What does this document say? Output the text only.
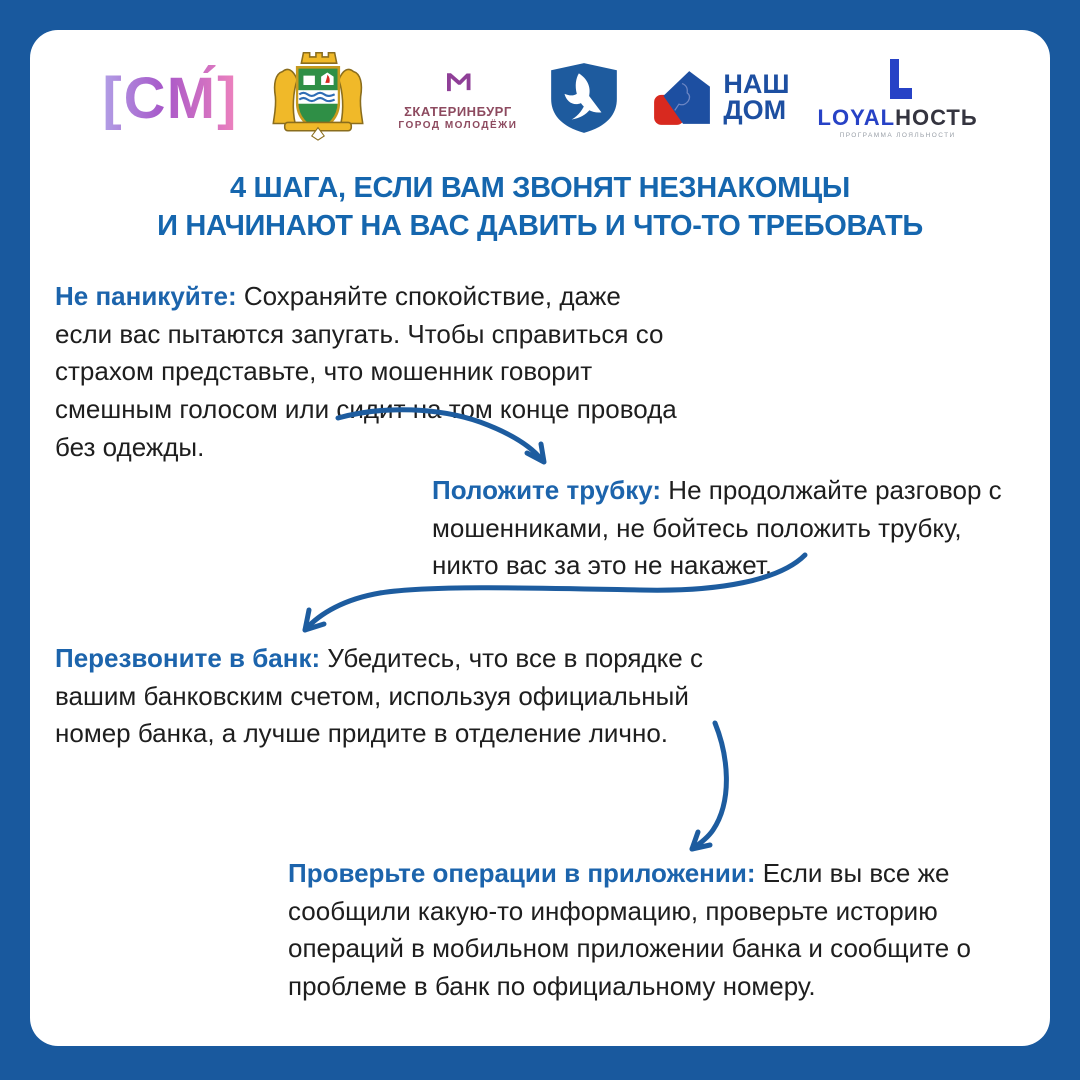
[СМ́]	Σ
ΣКАТЕРИНБУРГ
ГОРОД МОЛОДЁЖИ
НАШ
ДОМ LOYALНОСТЬ
ПРОГРАММА ЛОЯЛЬНОСТИ
4 ШАГА, ЕСЛИ ВАМ ЗВОНЯТ НЕЗНАКОМЦЫ
И НАЧИНАЮТ НА ВАС ДАВИТЬ И ЧТО-ТО ТРЕБОВАТЬ
Не паникуйте: Сохраняйте спокойствие, даже если вас пытаются запугать. Чтобы справиться со страхом представьте, что мошенник говорит смешным голосом или сидит на том конце провода без одежды.
Положите трубку: Не продолжайте разговор с мошенниками, не бойтесь положить трубку, никто вас за это не накажет.
Перезвоните в банк: Убедитесь, что все в порядке с вашим банковским счетом, используя официальный номер банка, а лучше придите в отделение лично.
Проверьте операции в приложении: Если вы все же сообщили какую-то информацию, проверьте историю операций в мобильном приложении банка и сообщите о проблеме в банк по официальному номеру.
